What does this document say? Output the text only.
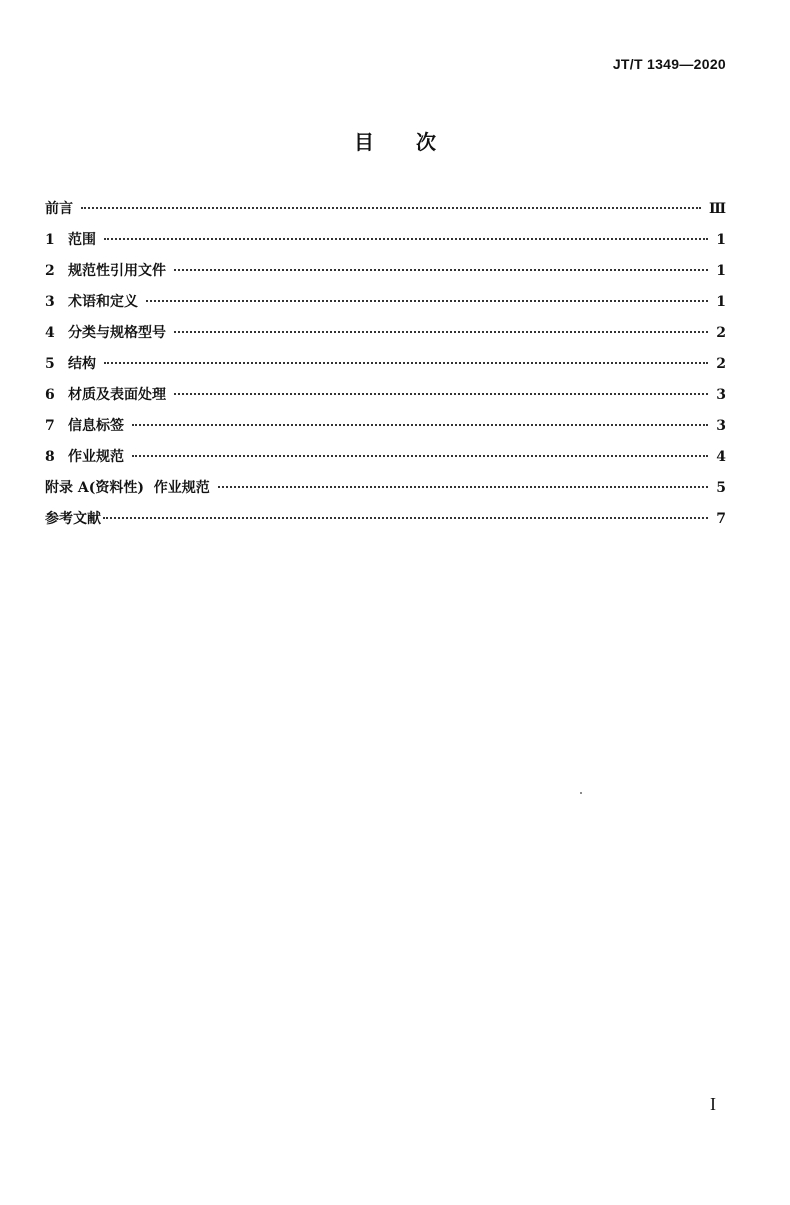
JT/T 1349—2020
目 次
前言	Ⅲ
1 范围	1
2 规范性引用文件	1
3 术语和定义	1
4 分类与规格型号	2
5 结构	2
6 材质及表面处理	3
7 信息标签	3
8 作业规范	4
附录 A(资料性)  作业规范	5
参考文献	7
I
